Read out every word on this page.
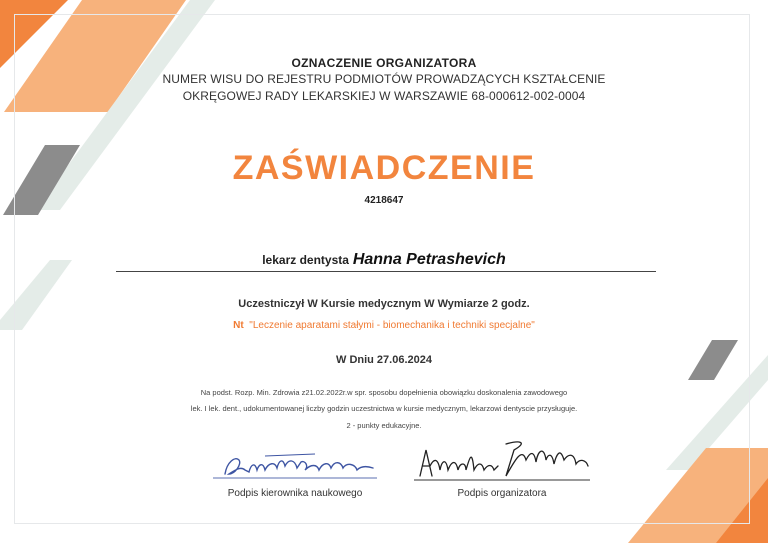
OZNACZENIE ORGANIZATORA
NUMER WISU DO REJESTRU PODMIOTÓW PROWADZĄCYCH KSZTAŁCENIE
OKRĘGOWEJ RADY LEKARSKIEJ W WARSZAWIE 68-000612-002-0004
ZAŚWIADCZENIE
4218647
lekarz dentysta Hanna Petrashevich
Uczestniczył W Kursie medycznym W Wymiarze 2 godz.
Nt "Leczenie aparatami stałymi - biomechanika i techniki specjalne"
W Dniu 27.06.2024
Na podst. Rozp. Min. Zdrowia z21.02.2022r.w spr. sposobu dopełnienia obowiązku doskonalenia zawodowego
lek. I lek. dent., udokumentowanej liczby godzin uczestnictwa w kursie medycznym, lekarzowi dentyscie przysługuje.
2 - punkty edukacyjne.
Podpis kierownika naukowego	Podpis organizatora
